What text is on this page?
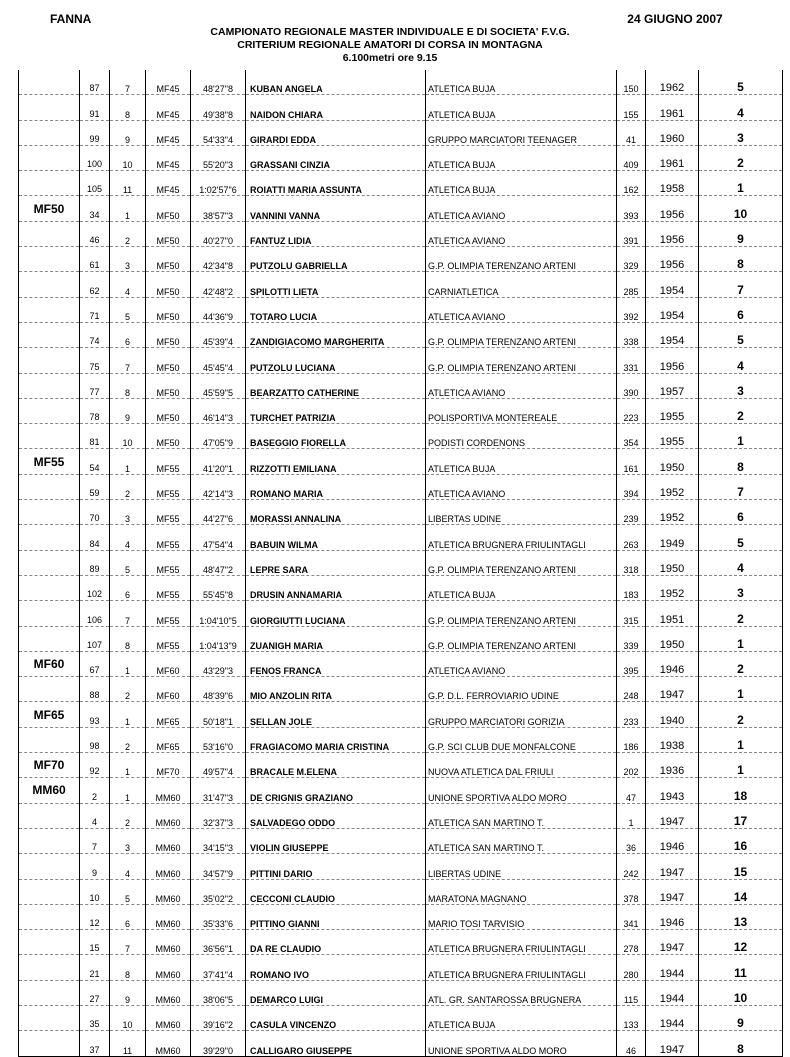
FANNA	24 GIUGNO 2007
CAMPIONATO REGIONALE MASTER INDIVIDUALE E DI SOCIETA' F.V.G.
CRITERIUM REGIONALE AMATORI DI CORSA IN MONTAGNA
6.100metri ore 9.15
	87	7	MF45	48'27"8	KUBAN ANGELA	ATLETICA BUJA	150	1962	5
	91	8	MF45	49'38"8	NAIDON CHIARA	ATLETICA BUJA	155	1961	4
	99	9	MF45	54'33"4	GIRARDI EDDA	GRUPPO MARCIATORI TEENAGER	41	1960	3
	100	10	MF45	55'20"3	GRASSANI CINZIA	ATLETICA BUJA	409	1961	2
	105	11	MF45	1:02'57"6	ROIATTI MARIA ASSUNTA	ATLETICA BUJA	162	1958	1
MF50	34	1	MF50	38'57"3	VANNINI VANNA	ATLETICA AVIANO	393	1956	10
	46	2	MF50	40'27"0	FANTUZ LIDIA	ATLETICA AVIANO	391	1956	9
	61	3	MF50	42'34"8	PUTZOLU GABRIELLA	G.P. OLIMPIA TERENZANO ARTENI	329	1956	8
	62	4	MF50	42'48"2	SPILOTTI LIETA	CARNIATLETICA	285	1954	7
	71	5	MF50	44'36"9	TOTARO LUCIA	ATLETICA AVIANO	392	1954	6
	74	6	MF50	45'39"4	ZANDIGIACOMO MARGHERITA	G.P. OLIMPIA TERENZANO ARTENI	338	1954	5
	75	7	MF50	45'45"4	PUTZOLU LUCIANA	G.P. OLIMPIA TERENZANO ARTENI	331	1956	4
	77	8	MF50	45'59"5	BEARZATTO CATHERINE	ATLETICA AVIANO	390	1957	3
	78	9	MF50	46'14"3	TURCHET PATRIZIA	POLISPORTIVA MONTEREALE	223	1955	2
	81	10	MF50	47'05"9	BASEGGIO FIORELLA	PODISTI CORDENONS	354	1955	1
MF55	54	1	MF55	41'20"1	RIZZOTTI EMILIANA	ATLETICA BUJA	161	1950	8
	59	2	MF55	42'14"3	ROMANO MARIA	ATLETICA AVIANO	394	1952	7
	70	3	MF55	44'27"6	MORASSI ANNALINA	LIBERTAS UDINE	239	1952	6
	84	4	MF55	47'54"4	BABUIN WILMA	ATLETICA BRUGNERA FRIULINTAGLI	263	1949	5
	89	5	MF55	48'47"2	LEPRE SARA	G.P. OLIMPIA TERENZANO ARTENI	318	1950	4
	102	6	MF55	55'45"8	DRUSIN ANNAMARIA	ATLETICA BUJA	183	1952	3
	106	7	MF55	1:04'10"5	GIORGIUTTI LUCIANA	G.P. OLIMPIA TERENZANO ARTENI	315	1951	2
	107	8	MF55	1:04'13"9	ZUANIGH MARIA	G.P. OLIMPIA TERENZANO ARTENI	339	1950	1
MF60	67	1	MF60	43'29"3	FENOS FRANCA	ATLETICA AVIANO	395	1946	2
	88	2	MF60	48'39"6	MIO ANZOLIN RITA	G.P. D.L. FERROVIARIO UDINE	248	1947	1
MF65	93	1	MF65	50'18"1	SELLAN JOLE	GRUPPO MARCIATORI GORIZIA	233	1940	2
	98	2	MF65	53'16"0	FRAGIACOMO MARIA CRISTINA	G.P. SCI CLUB DUE MONFALCONE	186	1938	1
MF70	92	1	MF70	49'57"4	BRACALE M.ELENA	NUOVA ATLETICA DAL FRIULI	202	1936	1
MM60	2	1	MM60	31'47"3	DE CRIGNIS GRAZIANO	UNIONE SPORTIVA ALDO MORO	47	1943	18
	4	2	MM60	32'37"3	SALVADEGO ODDO	ATLETICA SAN MARTINO T.	1	1947	17
	7	3	MM60	34'15"3	VIOLIN GIUSEPPE	ATLETICA SAN MARTINO T.	36	1946	16
	9	4	MM60	34'57"9	PITTINI DARIO	LIBERTAS UDINE	242	1947	15
	10	5	MM60	35'02"2	CECCONI CLAUDIO	MARATONA MAGNANO	378	1947	14
	12	6	MM60	35'33"6	PITTINO GIANNI	MARIO TOSI TARVISIO	341	1946	13
	15	7	MM60	36'56"1	DA RE CLAUDIO	ATLETICA BRUGNERA FRIULINTAGLI	278	1947	12
	21	8	MM60	37'41"4	ROMANO IVO	ATLETICA BRUGNERA FRIULINTAGLI	280	1944	11
	27	9	MM60	38'06"5	DEMARCO LUIGI	ATL. GR. SANTAROSSA BRUGNERA	115	1944	10
	35	10	MM60	39'16"2	CASULA VINCENZO	ATLETICA BUJA	133	1944	9
	37	11	MM60	39'29"0	CALLIGARO GIUSEPPE	UNIONE SPORTIVA ALDO MORO	46	1947	8
